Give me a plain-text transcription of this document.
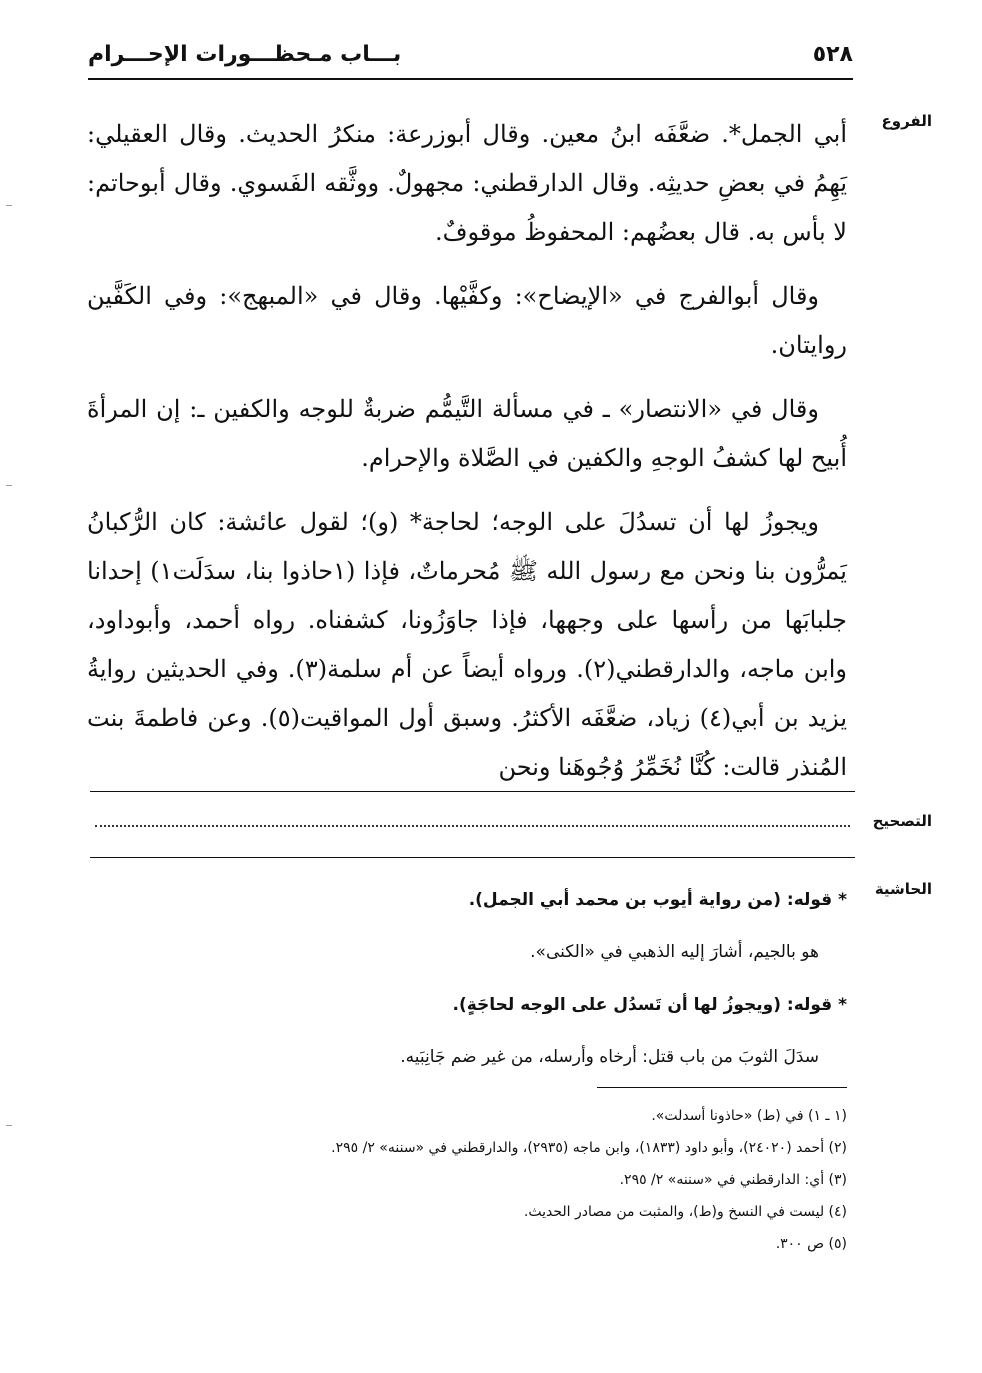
٥٢٨
بـــاب مـحظـــورات الإحـــرام
الفروع
التصحيح
الحاشية

أبي الجمل*. ضعَّفَه ابنُ معين. وقال أبوزرعة: منكرُ الحديث. وقال العقيلي: يَهِمُ في بعضِ حديثِه. وقال الدارقطني: مجهولٌ. ووثَّقه الفَسوي. وقال أبوحاتم: لا بأس به. قال بعضُهم: المحفوظُ موقوفٌ.

وقال أبوالفرج في «الإيضاح»: وكفَّيْها. وقال في «المبهج»: وفي الكَفَّين روايتان.

وقال في «الانتصار» ـ في مسألة التَّيمُّم ضربةٌ للوجه والكفين ـ: إن المرأةَ أُبيح لها كشفُ الوجهِ والكفين في الصَّلاة والإحرام.

ويجوزُ لها أن تسدُلَ على الوجه؛ لحاجة* (و)؛ لقول عائشة: كان الرُّكبانُ يَمرُّون بنا ونحن مع رسول الله ﷺ مُحرماتٌ، فإذا (١حاذوا بنا، سدَلَت١) إحدانا جلبابَها من رأسها على وجهها، فإذا جاوَزُونا، كشفناه. رواه أحمد، وأبوداود، وابن ماجه، والدارقطني(٢). ورواه أيضاً عن أم سلمة(٣). وفي الحديثين روايةُ يزيد بن أبي(٤) زياد، ضعَّفَه الأكثرُ. وسبق أول المواقيت(٥). وعن فاطمةَ بنت المُنذر قالت: كُنَّا نُخَمِّرُ وُجُوهَنا ونحن

* قوله: (من رواية أيوب بن محمد أبي الجمل).
هو بالجيم، أشارَ إليه الذهبي في «الكنى».
* قوله: (ويجوزُ لها أن تَسدُل على الوجه لحاجَةٍ).
سدَلَ الثوبَ من باب قتل: أرخاه وأرسله، من غير ضم جَانِبَيه.
(١ ـ ١) في (ط) «حاذونا أسدلت».
(٢) أحمد (٢٤٠٢٠)، وأبو داود (١٨٣٣)، وابن ماجه (٢٩٣٥)، والدارقطني في «سننه» ٢/ ٢٩٥.
(٣) أي: الدارقطني في «سننه» ٢/ ٢٩٥.
(٤) ليست في النسخ و(ط)، والمثبت من مصادر الحديث.
(٥) ص ٣٠٠.
